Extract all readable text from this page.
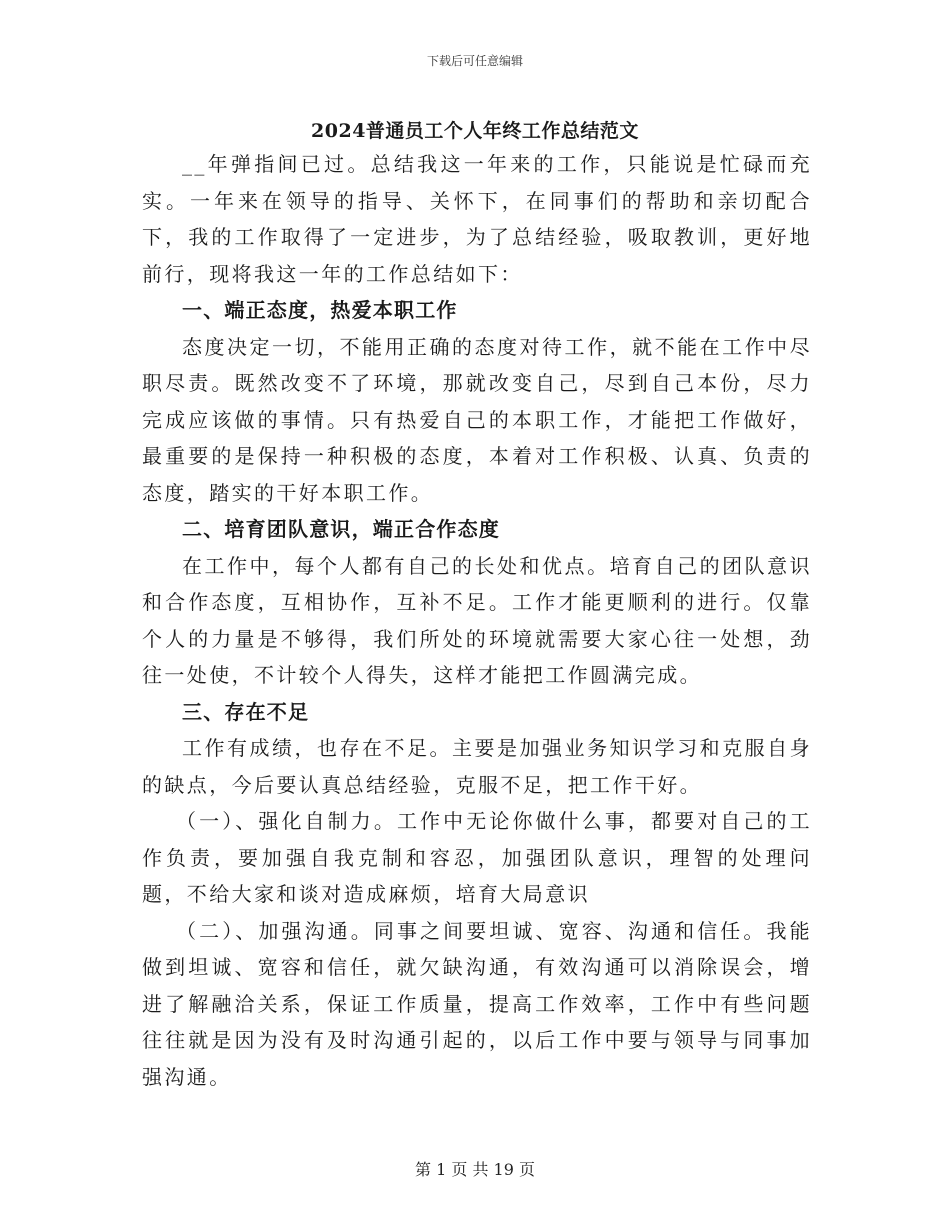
下载后可任意编辑
2024普通员工个人年终工作总结范文

__年弹指间已过。总结我这一年来的工作，只能说是忙碌而充实。一年来在领导的指导、关怀下，在同事们的帮助和亲切配合下，我的工作取得了一定进步，为了总结经验，吸取教训，更好地前行，现将我这一年的工作总结如下：

一、端正态度，热爱本职工作

态度决定一切，不能用正确的态度对待工作，就不能在工作中尽职尽责。既然改变不了环境，那就改变自己，尽到自己本份，尽力完成应该做的事情。只有热爱自己的本职工作，才能把工作做好，最重要的是保持一种积极的态度，本着对工作积极、认真、负责的态度，踏实的干好本职工作。

二、培育团队意识，端正合作态度

在工作中，每个人都有自己的长处和优点。培育自己的团队意识和合作态度，互相协作，互补不足。工作才能更顺利的进行。仅靠个人的力量是不够得，我们所处的环境就需要大家心往一处想，劲往一处使，不计较个人得失，这样才能把工作圆满完成。

三、存在不足

工作有成绩，也存在不足。主要是加强业务知识学习和克服自身的缺点，今后要认真总结经验，克服不足，把工作干好。

（一）、强化自制力。工作中无论你做什么事，都要对自己的工作负责，要加强自我克制和容忍，加强团队意识，理智的处理问题，不给大家和谈对造成麻烦，培育大局意识

（二）、加强沟通。同事之间要坦诚、宽容、沟通和信任。我能做到坦诚、宽容和信任，就欠缺沟通，有效沟通可以消除误会，增进了解融洽关系，保证工作质量，提高工作效率，工作中有些问题往往就是因为没有及时沟通引起的，以后工作中要与领导与同事加强沟通。

第 1 页 共 19 页
